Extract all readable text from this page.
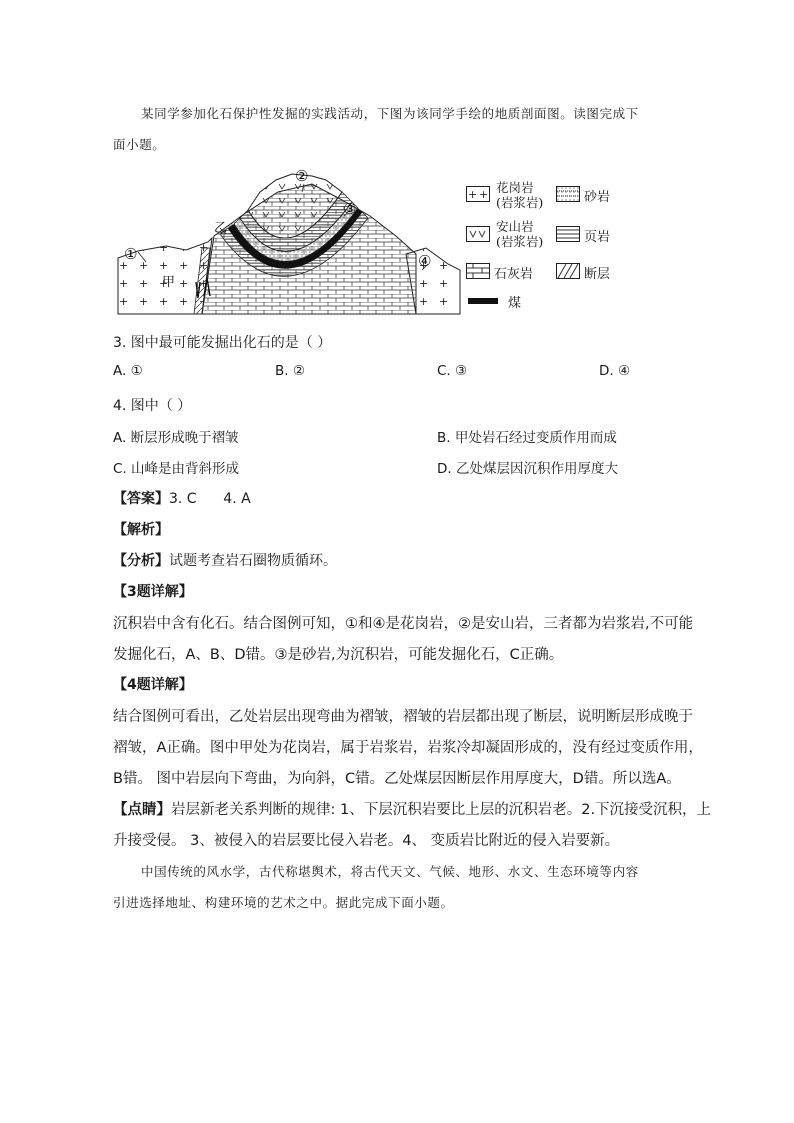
某同学参加化石保护性发掘的实践活动，下图为该同学手绘的地质剖面图。读图完成下
面小题。
①
②
③
④
甲
乙
+ + 花岗岩
(岩浆岩)	砂岩
安山岩
(岩浆岩)	页岩
石灰岩	断层
煤
3. 图中最可能发掘出化石的是（ ）
A. ①	B. ②	C. ③	D. ④
4. 图中（ ）
A. 断层形成晚于褶皱	B. 甲处岩石经过变质作用而成
C. 山峰是由背斜形成	D. 乙处煤层因沉积作用厚度大
【答案】3. C      4. A
【解析】
【分析】试题考查岩石圈物质循环。
【3题详解】
沉积岩中含有化石。结合图例可知，①和④是花岗岩，②是安山岩，三者都为岩浆岩,不可能
发掘化石，A、B、D错。③是砂岩,为沉积岩，可能发掘化石，C正确。
【4题详解】
结合图例可看出，乙处岩层出现弯曲为褶皱，褶皱的岩层都出现了断层，说明断层形成晚于
褶皱，A正确。图中甲处为花岗岩，属于岩浆岩，岩浆冷却凝固形成的，没有经过变质作用，
B错。 图中岩层向下弯曲，为向斜，C错。乙处煤层因断层作用厚度大，D错。所以选A。
【点睛】岩层新老关系判断的规律: 1、下层沉积岩要比上层的沉积岩老。2.下沉接受沉积，上
升接受侵。 3、被侵入的岩层要比侵入岩老。4、 变质岩比附近的侵入岩要新。
中国传统的风水学，古代称堪舆术，将古代天文、气候、地形、水文、生态环境等内容
引进选择地址、构建环境的艺术之中。据此完成下面小题。
